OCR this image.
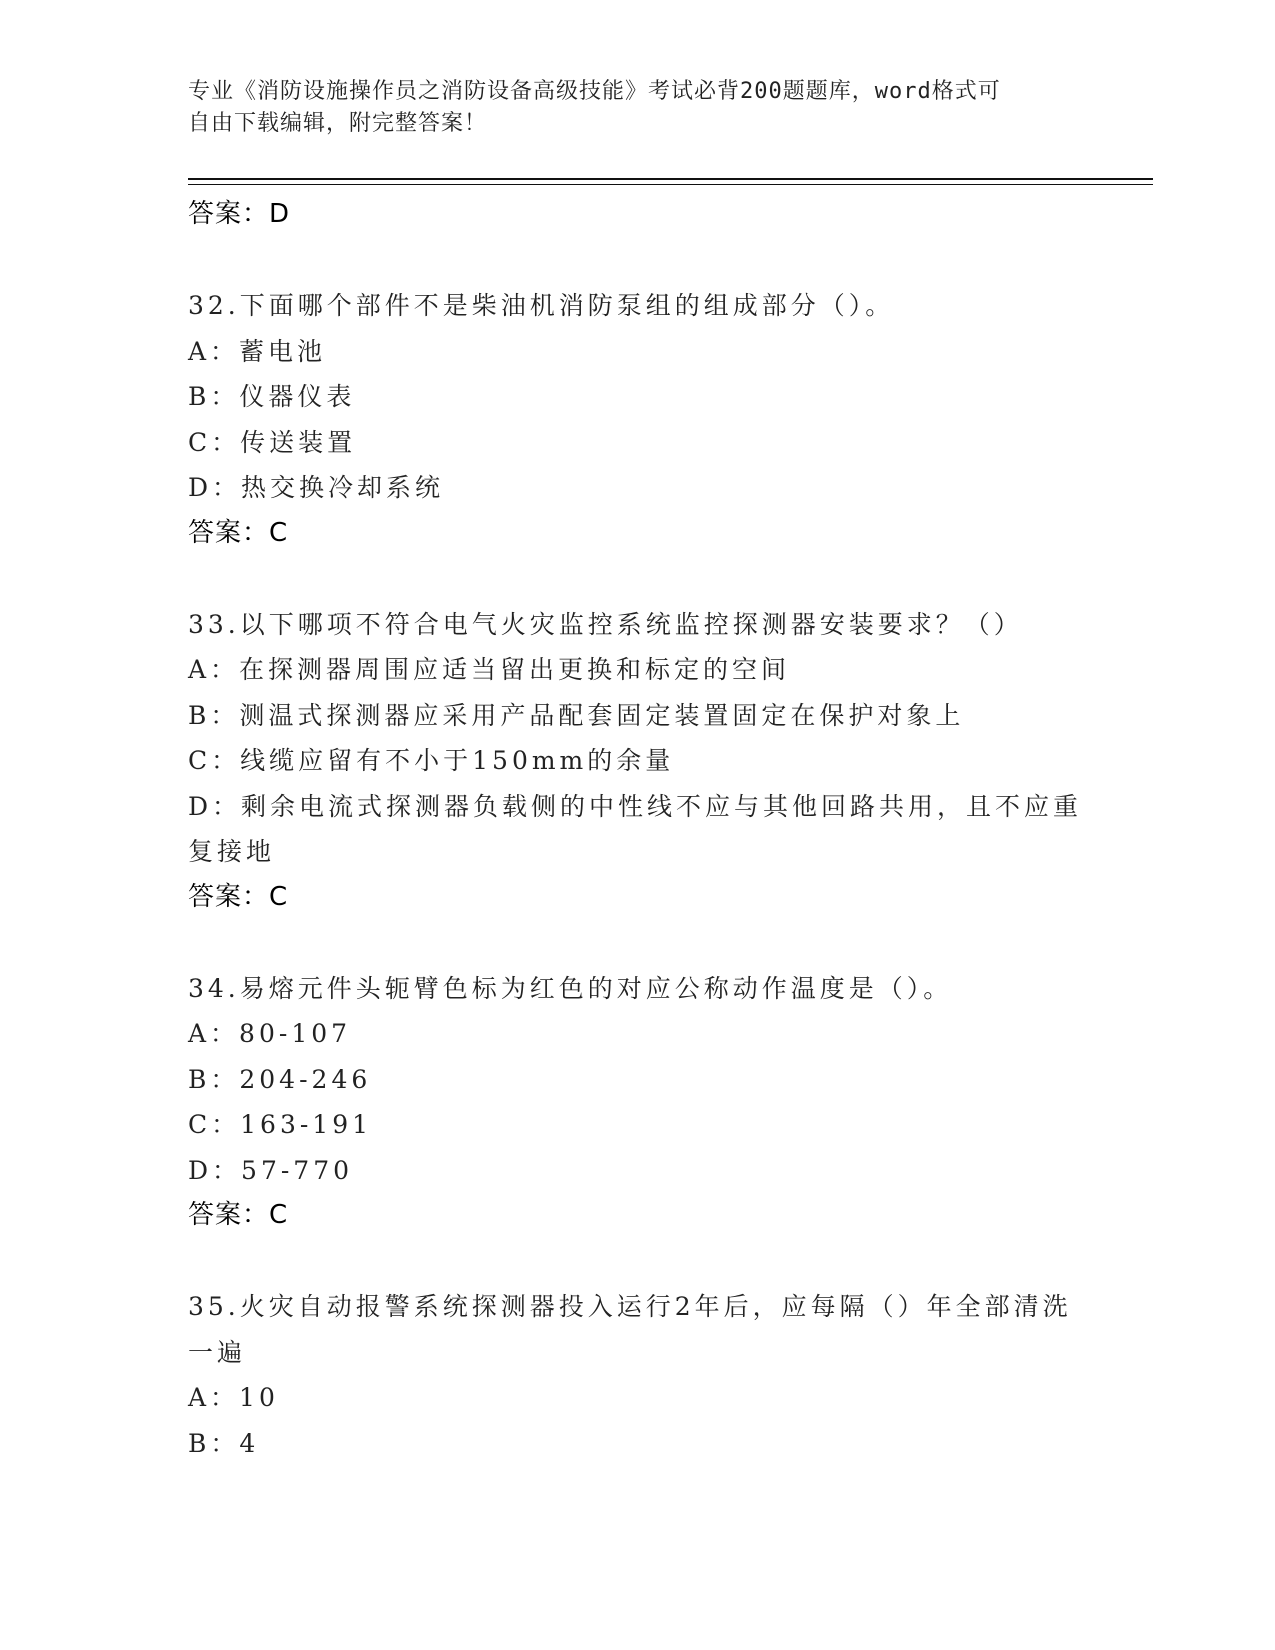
专业《消防设施操作员之消防设备高级技能》考试必背200题题库，word格式可
自由下载编辑，附完整答案！
答案：D
32.下面哪个部件不是柴油机消防泵组的组成部分（）。
A：蓄电池
B：仪器仪表
C：传送装置
D：热交换冷却系统
答案：C
33.以下哪项不符合电气火灾监控系统监控探测器安装要求？（）
A：在探测器周围应适当留出更换和标定的空间
B：测温式探测器应采用产品配套固定装置固定在保护对象上
C：线缆应留有不小于150mm的余量
D：剩余电流式探测器负载侧的中性线不应与其他回路共用，且不应重
复接地
答案：C
34.易熔元件头轭臂色标为红色的对应公称动作温度是（）。
A：80-107
B：204-246
C：163-191
D：57-770
答案：C
35.火灾自动报警系统探测器投入运行2年后，应每隔（）年全部清洗
一遍
A：10
B：4
